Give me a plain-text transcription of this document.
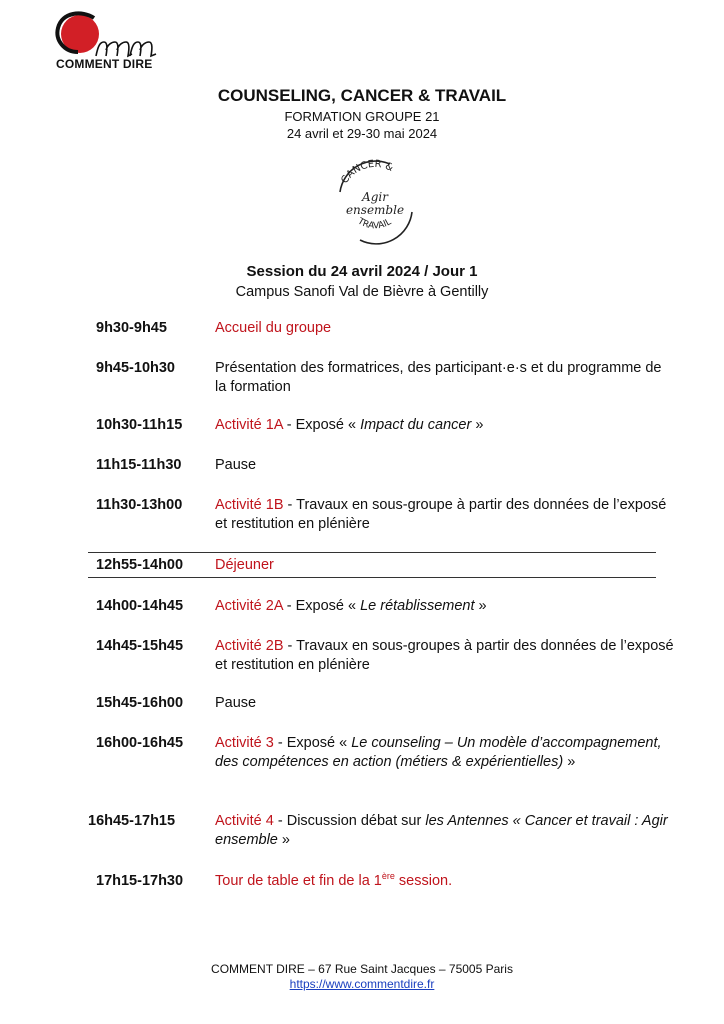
COMMENT DIRE
COUNSELING, CANCER & TRAVAIL
FORMATION GROUPE 21
24 avril et 29-30 mai 2024
CANCER &
Agir
ensemble
TRAVAIL
Session du 24 avril 2024 / Jour 1
Campus Sanofi Val de Bièvre à Gentilly
9h30-9h45	Accueil du groupe
9h45-10h30	Présentation des formatrices, des participant·e·s et du programme de la formation
10h30-11h15 Activité 1A - Exposé « Impact du cancer »
11h15-11h30 Pause
11h30-13h00 Activité 1B - Travaux en sous-groupe à partir des données de l’exposé et restitution en plénière
12h55-14h00 Déjeuner
14h00-14h45 Activité 2A - Exposé « Le rétablissement »
14h45-15h45 Activité 2B - Travaux en sous-groupes à partir des données de l’exposé et restitution en plénière
15h45-16h00 Pause
16h00-16h45 Activité 3 - Exposé « Le counseling – Un modèle d’accompagnement, des compétences en action (métiers & expérientielles) »
16h45-17h15	Activité 4 - Discussion débat sur les Antennes « Cancer et travail : Agir ensemble »
17h15-17h30 Tour de table et fin de la 1ère session.
COMMENT DIRE – 67 Rue Saint Jacques – 75005 Paris
https://www.commentdire.fr
